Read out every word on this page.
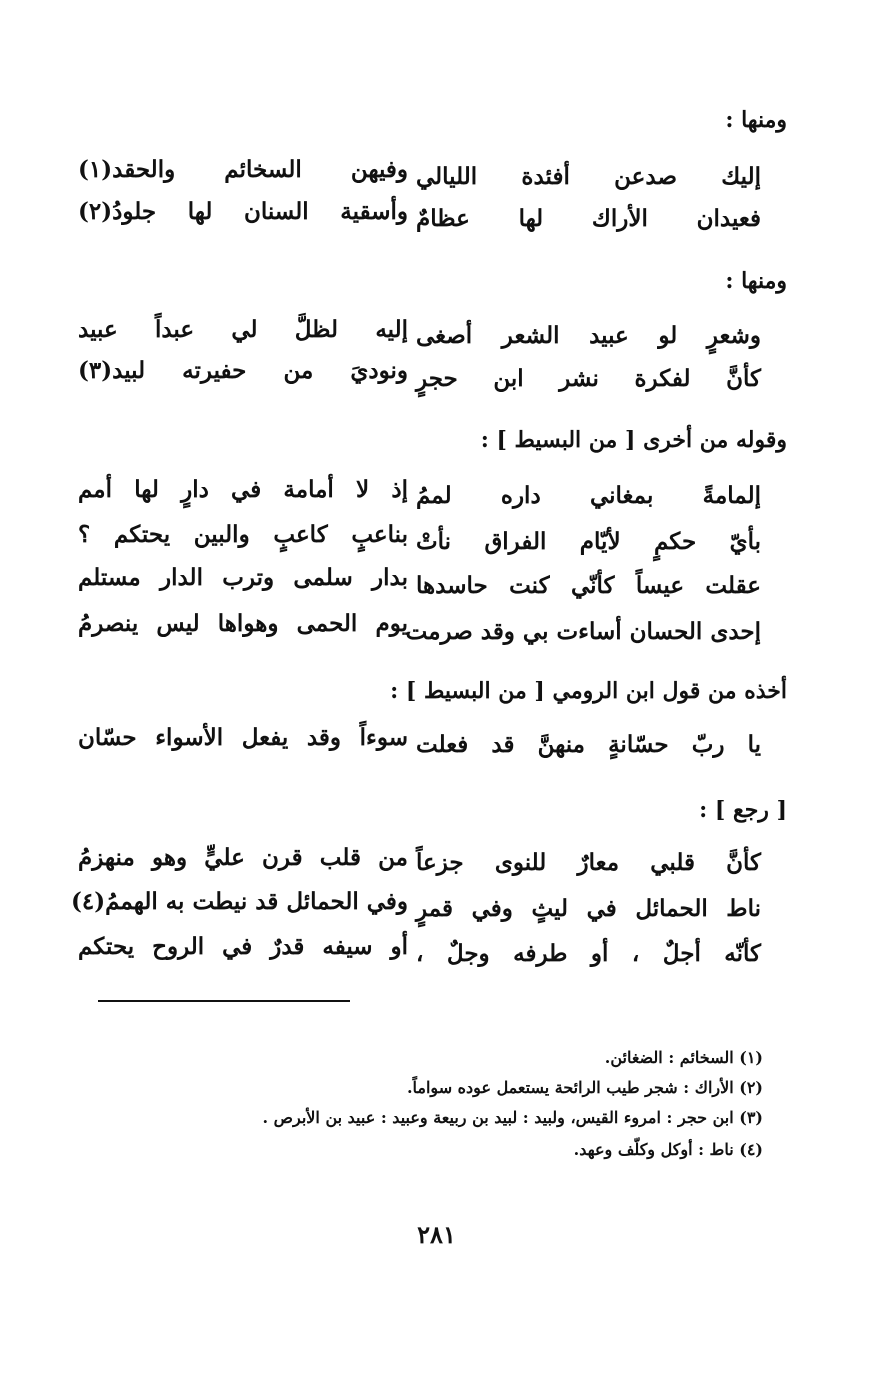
ومنها :
إليك صدعن أفئدة الليالي
وفيهن السخائم والحقد(١)
فعيدان الأراك لها عظامٌ
وأسقية السنان لها جلودُ(٢)
ومنها :
وشعرٍ لو عبيد الشعر أصغى
إليه لظلَّ لي عبداً عبيد
كأنَّ لفكرة نشر ابن حجرٍ
ونوديَ من حفيرته لبيد(٣)
وقوله من أخرى [ من البسيط ] :
إلمامةً بمغاني داره لممُ
إذ لا أمامة في دارٍ لها أمم
بأيّ حكمٍ لأيّام الفراق نأتْ
بناعبٍ كاعبٍ والبين يحتكم ؟
عقلت عيساً كأنّي كنت حاسدها
بدار سلمى وترب الدار مستلم
إحدى الحسان أساءت بي وقد صرمت
يوم الحمى وهواها ليس ينصرمُ
أخذه من قول ابن الرومي [ من البسيط ] :
يا ربّ حسّانةٍ منهنَّ قد فعلت
سوءاً وقد يفعل الأسواء حسّان
[ رجع ] :
كأنَّ قلبي معارٌ للنوى جزعاً
من قلب قرن عليٍّ وهو منهزمُ
ناط الحمائل في ليثٍ وفي قمرٍ
وفي الحمائل قد نيطت به الهممُ(٤)
كأنّه أجلٌ ، أو طرفه وجلٌ ،
أو سيفه قدرٌ في الروح يحتكم
(١) السخائم : الضغائن.
(٢) الأراك : شجر طيب الرائحة يستعمل عوده سواماً.
(٣) ابن حجر : امروء القيس، ولبيد : لبيد بن ربيعة وعبيد : عبيد بن الأبرص .
(٤) ناط : أوكل وكلّف وعهد.
٢٨١
